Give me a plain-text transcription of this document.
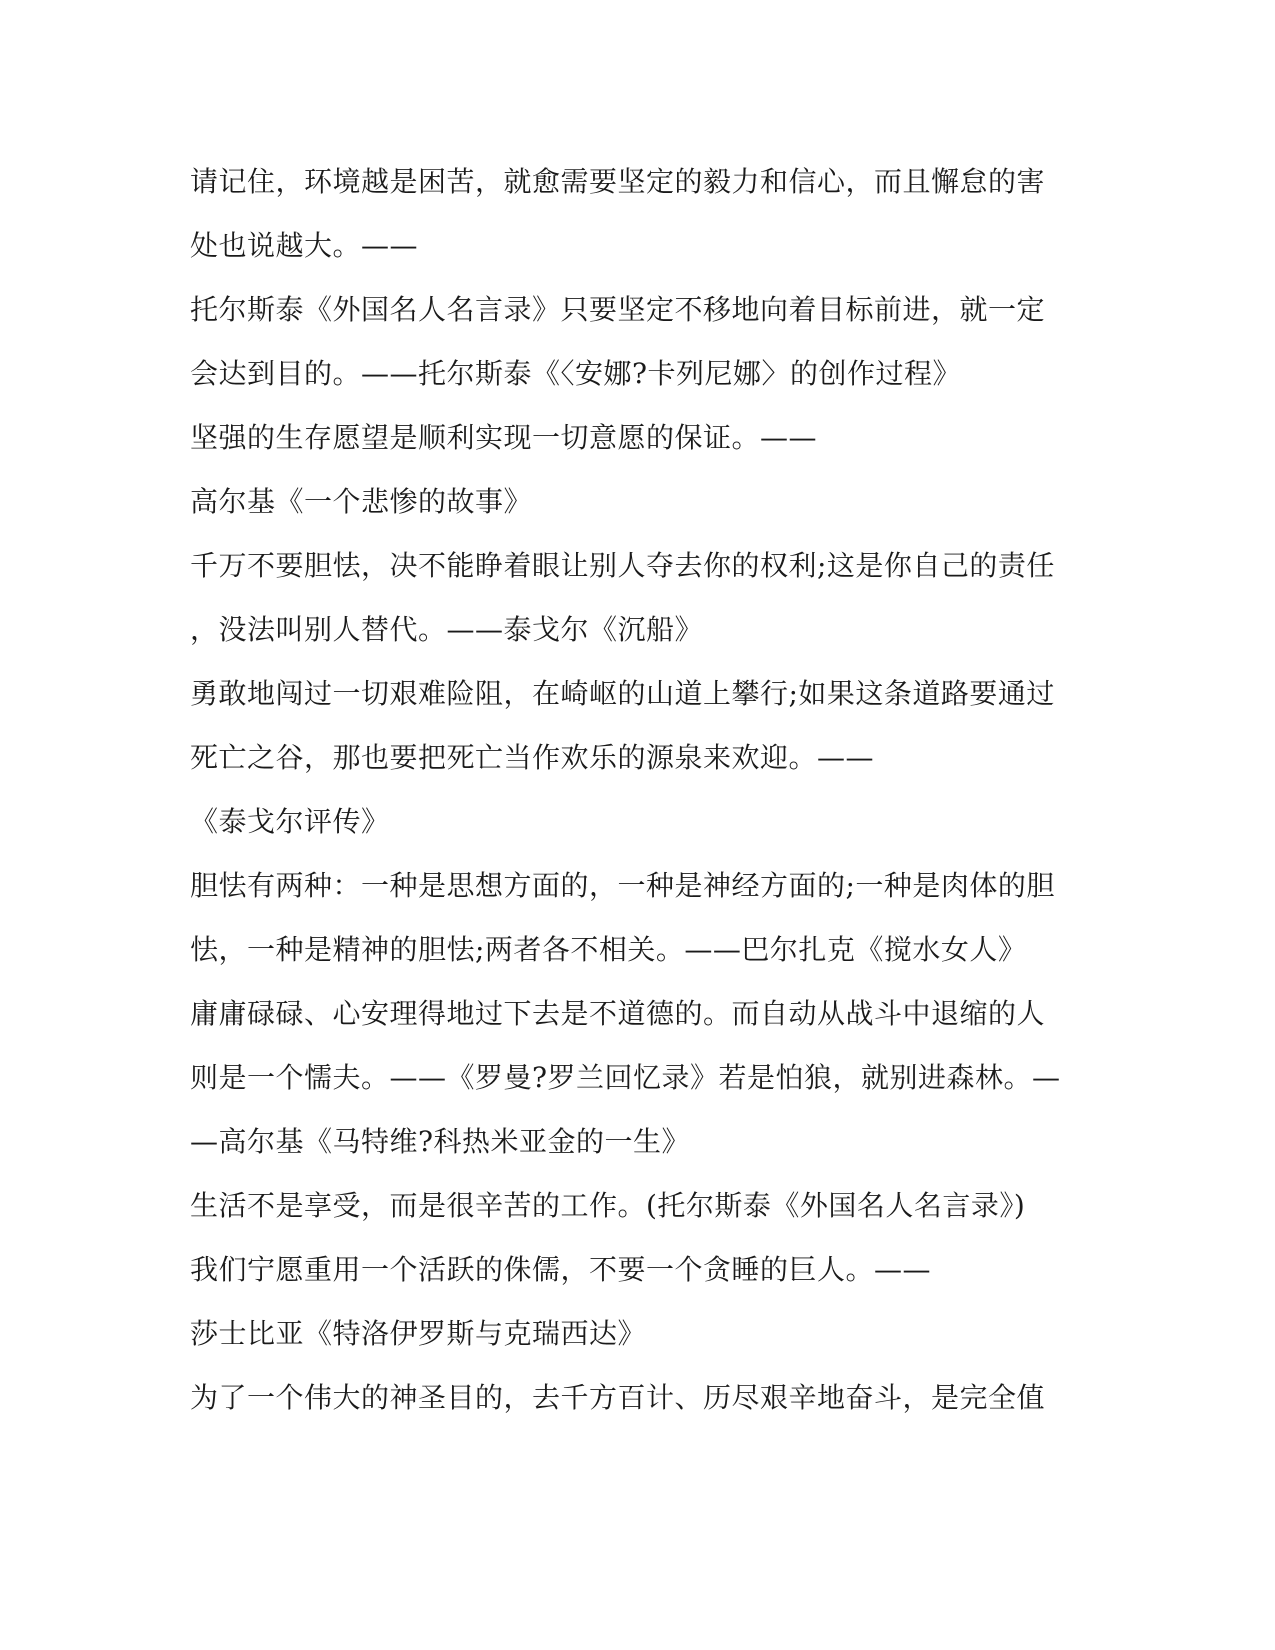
请记住，环境越是困苦，就愈需要坚定的毅力和信心，而且懈怠的害
处也说越大。——
托尔斯泰《外国名人名言录》只要坚定不移地向着目标前进，就一定
会达到目的。——托尔斯泰《〈安娜?卡列尼娜〉的创作过程》
坚强的生存愿望是顺利实现一切意愿的保证。——
高尔基《一个悲惨的故事》
千万不要胆怯，决不能睁着眼让别人夺去你的权利;这是你自己的责任
，没法叫别人替代。——泰戈尔《沉船》
勇敢地闯过一切艰难险阻，在崎岖的山道上攀行;如果这条道路要通过
死亡之谷，那也要把死亡当作欢乐的源泉来欢迎。——
《泰戈尔评传》
胆怯有两种：一种是思想方面的，一种是神经方面的;一种是肉体的胆
怯，一种是精神的胆怯;两者各不相关。——巴尔扎克《搅水女人》
庸庸碌碌、心安理得地过下去是不道德的。而自动从战斗中退缩的人
则是一个懦夫。——《罗曼?罗兰回忆录》若是怕狼，就别进森林。—
—高尔基《马特维?科热米亚金的一生》
生活不是享受，而是很辛苦的工作。(托尔斯泰《外国名人名言录》)
我们宁愿重用一个活跃的侏儒，不要一个贪睡的巨人。——
莎士比亚《特洛伊罗斯与克瑞西达》
为了一个伟大的神圣目的，去千方百计、历尽艰辛地奋斗，是完全值
